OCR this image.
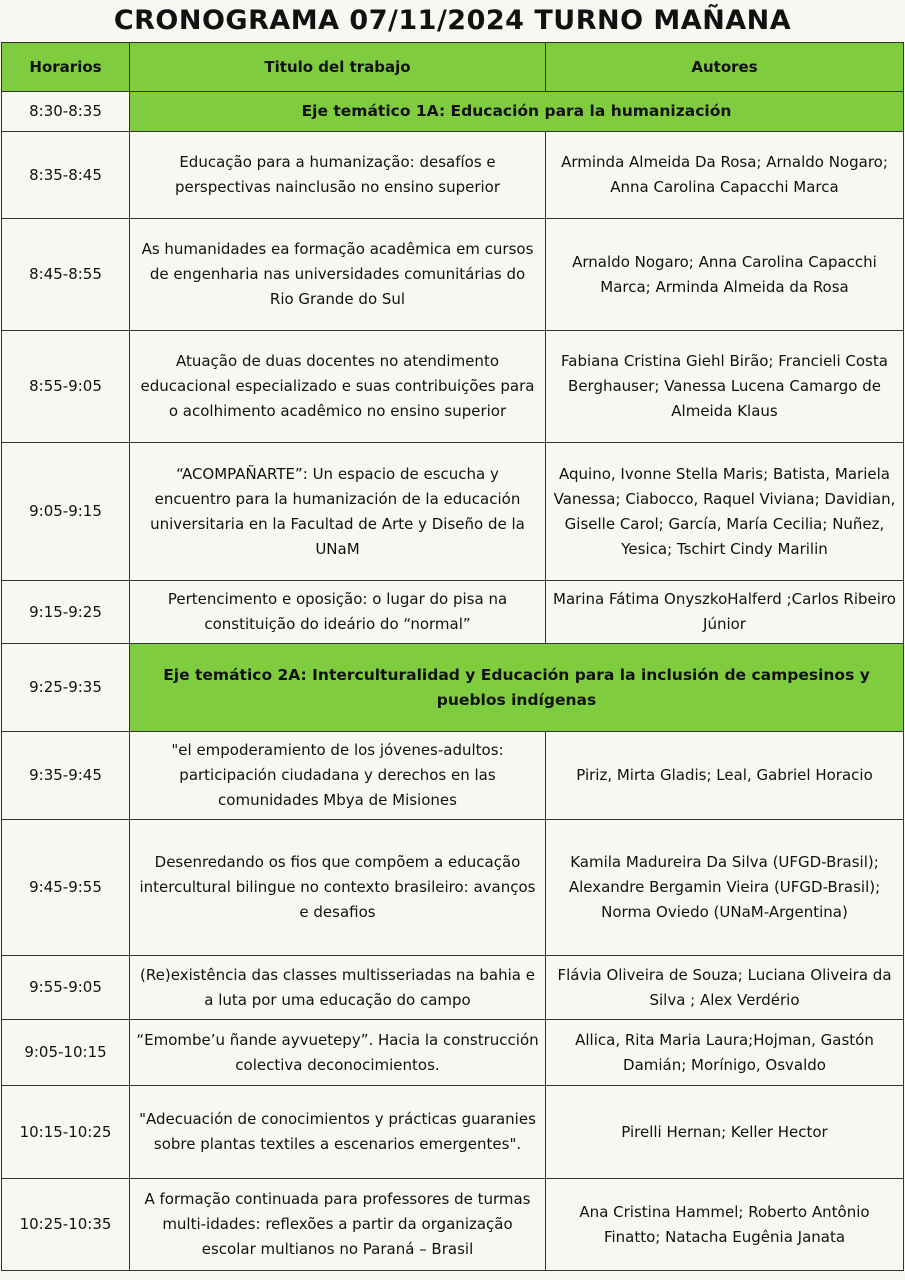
CRONOGRAMA 07/11/2024 TURNO MAÑANA
Horarios	Titulo del trabajo	Autores
8:30-8:35	Eje temático 1A: Educación para la humanización	
8:35-8:45	Educação para a humanização: desafíos e perspectivas nainclusão no ensino superior	Arminda Almeida Da Rosa; Arnaldo Nogaro; Anna Carolina Capacchi Marca
8:45-8:55	As humanidades ea formação acadêmica em cursos de engenharia nas universidades comunitárias do Rio Grande do Sul	Arnaldo Nogaro; Anna Carolina Capacchi Marca; Arminda Almeida da Rosa
8:55-9:05	Atuação de duas docentes no atendimento educacional especializado e suas contribuições para o acolhimento acadêmico no ensino superior	Fabiana Cristina Giehl Birão; Francieli Costa Berghauser; Vanessa Lucena Camargo de Almeida Klaus
9:05-9:15	“ACOMPAÑARTE”: Un espacio de escucha y encuentro para la humanización de la educación universitaria en la Facultad de Arte y Diseño de la UNaM	Aquino, Ivonne Stella Maris; Batista, Mariela Vanessa; Ciabocco, Raquel Viviana; Davidian, Giselle Carol; García, María Cecilia; Nuñez, Yesica; Tschirt Cindy Marilin
9:15-9:25	Pertencimento e oposição: o lugar do pisa na constituição do ideário do “normal”	Marina Fátima OnyszkoHalferd ;Carlos Ribeiro Júnior
9:25-9:35	Eje temático 2A: Interculturalidad y Educación para la inclusión de campesinos y pueblos indígenas	
9:35-9:45	"el empoderamiento de los jóvenes-adultos: participación ciudadana y derechos en las comunidades Mbya de Misiones	Piriz, Mirta Gladis; Leal, Gabriel Horacio
9:45-9:55	Desenredando os fios que compõem a educação intercultural bilingue no contexto brasileiro: avanços e desafios	Kamila Madureira Da Silva (UFGD-Brasil); Alexandre Bergamin Vieira (UFGD-Brasil); Norma Oviedo (UNaM-Argentina)
9:55-9:05	(Re)existência das classes multisseriadas na bahia e a luta por uma educação do campo	Flávia Oliveira de Souza; Luciana Oliveira da Silva ; Alex Verdério
9:05-10:15	“Emombe’u ñande ayvuetepy”. Hacia la construcción colectiva deconocimientos.	Allica, Rita Maria Laura;Hojman, Gastón Damián; Morínigo, Osvaldo
10:15-10:25	"Adecuación de conocimientos y prácticas guaranies sobre plantas textiles a escenarios emergentes".	Pirelli Hernan; Keller Hector
10:25-10:35	A formação continuada para professores de turmas multi-idades: reflexões a partir da organização escolar multianos no Paraná – Brasil	Ana Cristina Hammel; Roberto Antônio Finatto; Natacha Eugênia Janata
